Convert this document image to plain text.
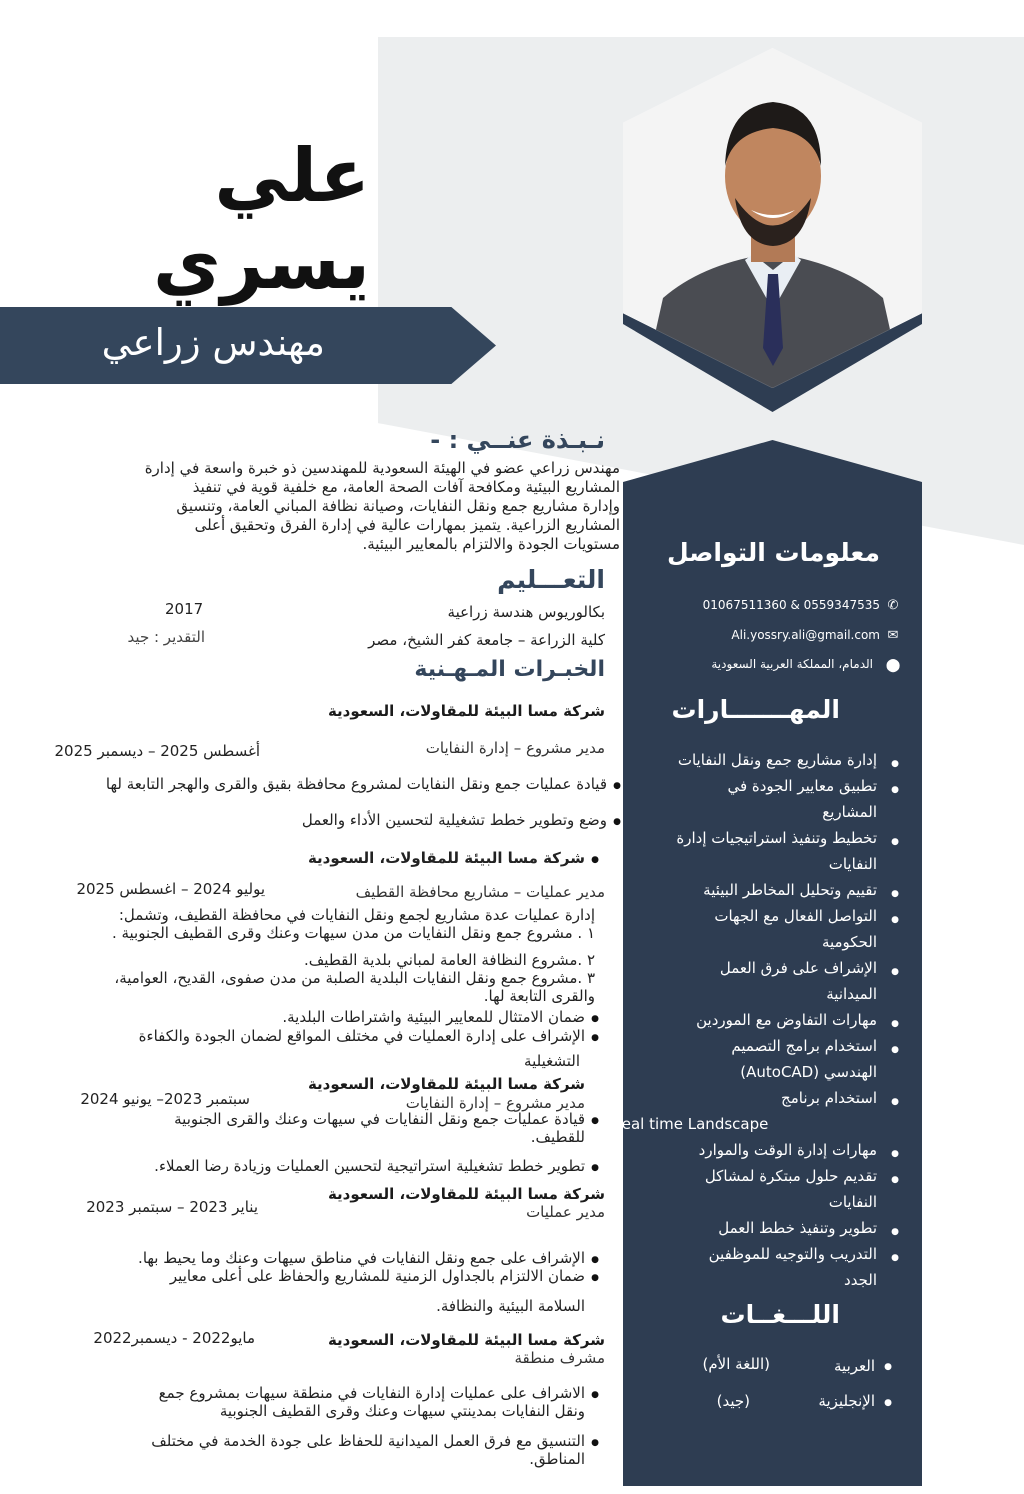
علي
يسري
مهندس زراعي
نـبـذة عنــي : -
مهندس زراعي عضو في الهيئة السعودية للمهندسين ذو خبرة واسعة في إدارة
المشاريع البيئية ومكافحة آفات الصحة العامة، مع خلفية قوية في تنفيذ
وإدارة مشاريع جمع ونقل النفايات، وصيانة نظافة المباني العامة، وتنسيق
المشاريع الزراعية. يتميز بمهارات عالية في إدارة الفرق وتحقيق أعلى
مستويات الجودة والالتزام بالمعايير البيئية.
التعـــليم
بكالوريوس هندسة زراعية
2017
كلية الزراعة – جامعة كفر الشيخ، مصر
التقدير : جيد
الخبـرات المـهـنية
شركة مسا البيئة للمقاولات، السعودية
مدير مشروع – إدارة النفايات
أغسطس 2025 – ديسمبر 2025
قيادة عمليات جمع ونقل النفايات لمشروع محافظة بقيق والقرى والهجر التابعة لها ●
وضع وتطوير خطط تشغيلية لتحسين الأداء والعمل ●
شركة مسا البيئة للمقاولات، السعودية ●
مدير عمليات – مشاريع محافظة القطيف
يوليو 2024 – اغسطس 2025
إدارة عمليات عدة مشاريع لجمع ونقل النفايات في محافظة القطيف، وتشمل:
١ . مشروع جمع ونقل النفايات من مدن سيهات وعنك وقرى القطيف الجنوبية .
٢ .مشروع النظافة العامة لمباني بلدية القطيف.
٣ .مشروع جمع ونقل النفايات البلدية الصلبة من مدن صفوى، القديح، العوامية،
والقرى التابعة لها.
ضمان الامتثال للمعايير البيئية واشتراطات البلدية. ●
الإشراف على إدارة العمليات في مختلف المواقع لضمان الجودة والكفاءة ●
التشغيلية
شركة مسا البيئة للمقاولات، السعودية
مدير مشروع – إدارة النفايات
سبتمبر 2023– يونيو 2024
قيادة عمليات جمع ونقل النفايات في سيهات وعنك والقرى الجنوبية ●
للقطيف.
تطوير خطط تشغيلية استراتيجية لتحسين العمليات وزيادة رضا العملاء. ●
شركة مسا البيئة للمقاولات، السعودية
مدير عمليات
يناير 2023 – سبتمبر 2023
الإشراف على جمع ونقل النفايات في مناطق سيهات وعنك وما يحيط بها. ●
ضمان الالتزام بالجداول الزمنية للمشاريع والحفاظ على أعلى معايير ●
السلامة البيئية والنظافة.
شركة مسا البيئة للمقاولات، السعودية
مشرف منطقة
مايو2022 - ديسمبر2022
الاشراف على عمليات إدارة النفايات في منطقة سيهات بمشروع جمع ●
ونقل النفايات بمدينتي سيهات وعنك وقرى القطيف الجنوبية
التنسيق مع فرق العمل الميدانية للحفاظ على جودة الخدمة في مختلف ●
المناطق.
معلومات التواصل
0559347535 & 01067511360 ✆
Ali.yossry.ali@gmail.com ✉
الدمام، المملكة العربية السعودية ⬤
المهـــــــارات
إدارة مشاريع جمع ونقل النفايات
●
تطبيق معايير الجودة في
المشاريع
●
تخطيط وتنفيذ استراتيجيات إدارة
النفايات
●
تقييم وتحليل المخاطر البيئية
●
التواصل الفعال مع الجهات
الحكومية
●
الإشراف على فرق العمل
الميدانية
●
مهارات التفاوض مع الموردين
●
استخدام برامج التصميم
الهندسي (AutoCAD)
●
استخدام برنامج
Real time Landscape
●
مهارات إدارة الوقت والموارد
●
تقديم حلول مبتكرة لمشاكل
النفايات
●
تطوير وتنفيذ خطط العمل
●
التدريب والتوجيه للموظفين
الجدد
●
اللـــغــات
العربية
(اللغة الأم)	●
الإنجليزية
(جيد)	●
